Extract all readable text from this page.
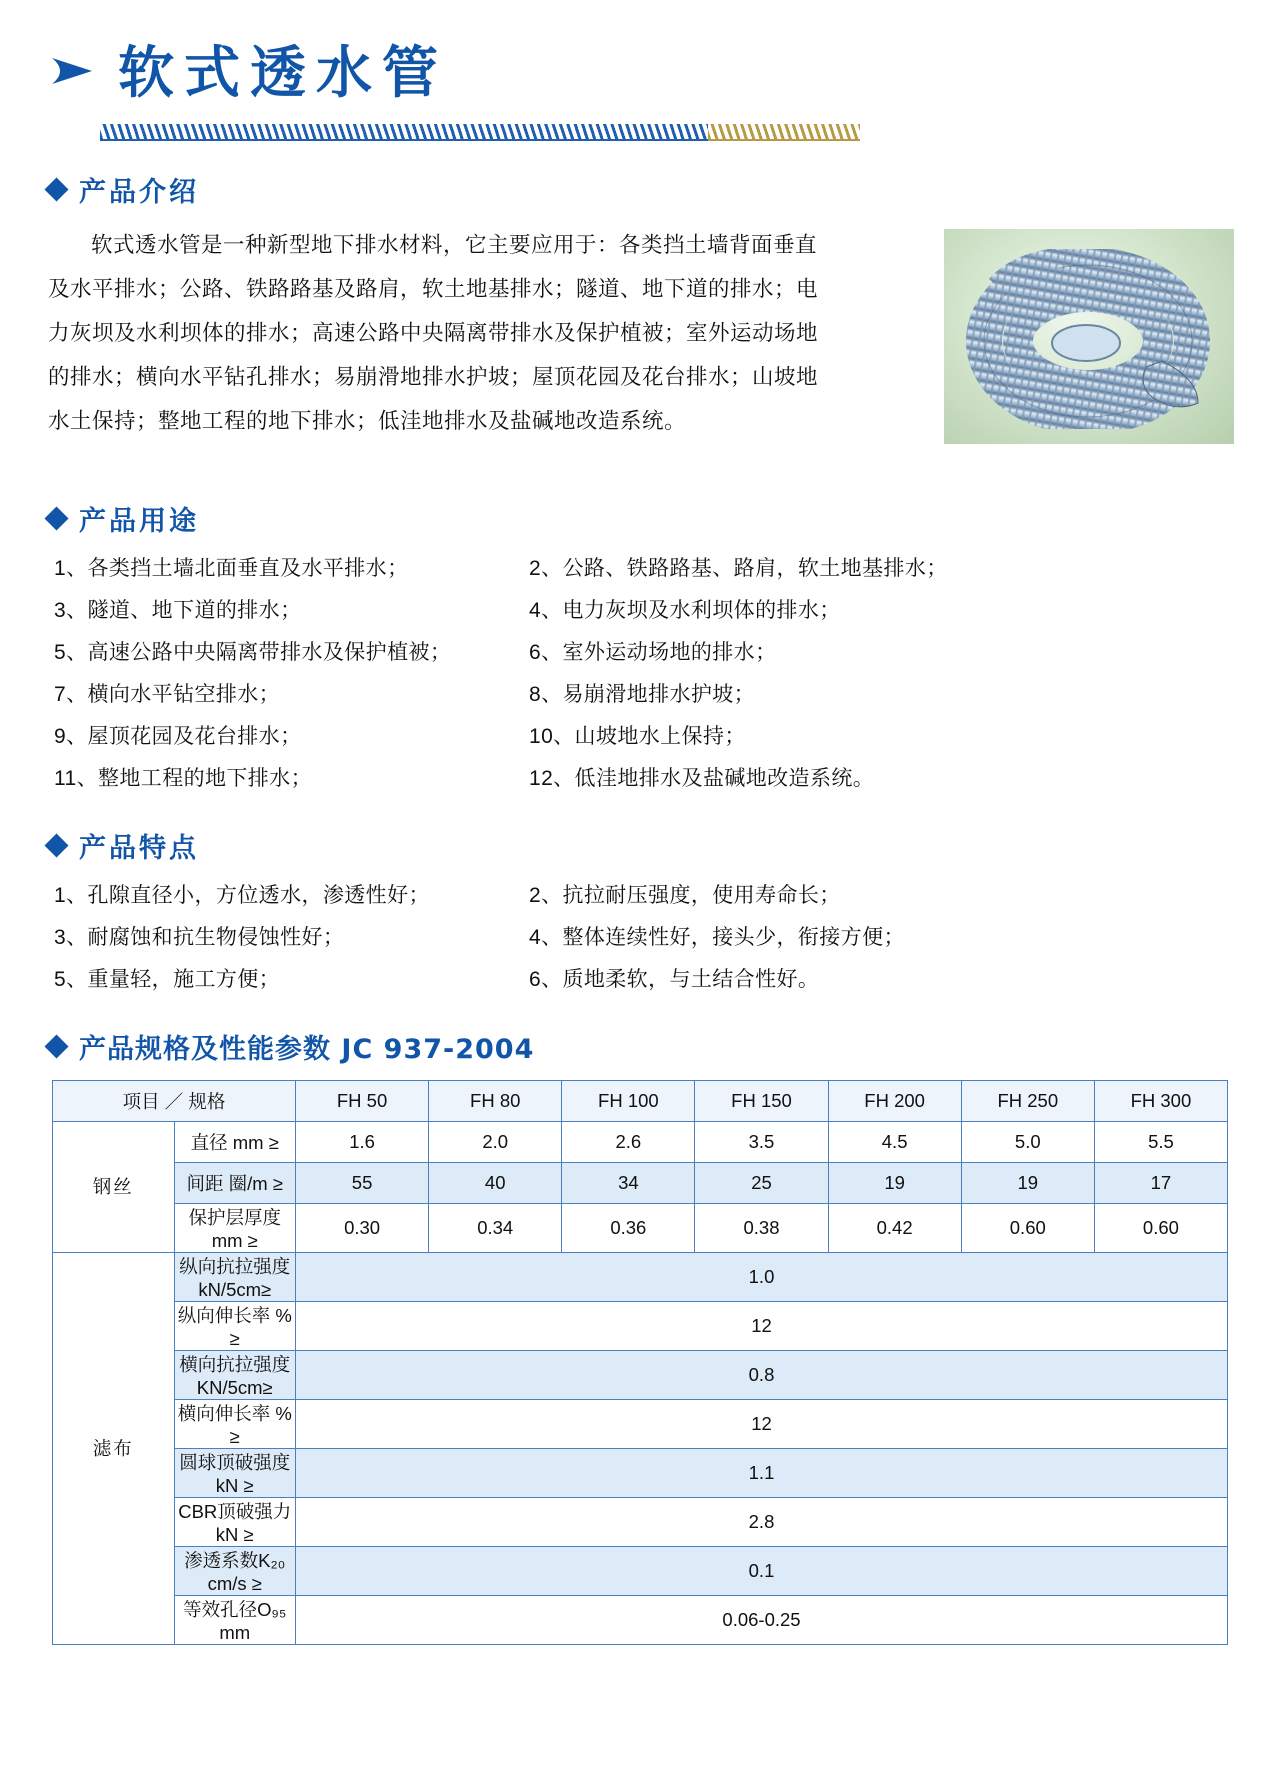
软式透水管
产品介绍
软式透水管是一种新型地下排水材料，它主要应用于：各类挡土墙背面垂直及水平排水；公路、铁路路基及路肩，软土地基排水；隧道、地下道的排水；电力灰坝及水利坝体的排水；高速公路中央隔离带排水及保护植被；室外运动场地的排水；横向水平钻孔排水；易崩滑地排水护坡；屋顶花园及花台排水；山坡地水土保持；整地工程的地下排水；低洼地排水及盐碱地改造系统。
产品用途
1、各类挡土墙北面垂直及水平排水；	2、公路、铁路路基、路肩，软土地基排水；
3、隧道、地下道的排水；	4、电力灰坝及水利坝体的排水；
5、高速公路中央隔离带排水及保护植被；	6、室外运动场地的排水；
7、横向水平钻空排水；	8、易崩滑地排水护坡；
9、屋顶花园及花台排水；	10、山坡地水上保持；
11、整地工程的地下排水；	12、低洼地排水及盐碱地改造系统。
产品特点
1、孔隙直径小，方位透水，渗透性好；	2、抗拉耐压强度，使用寿命长；
3、耐腐蚀和抗生物侵蚀性好；	4、整体连续性好，接头少，衔接方便；
5、重量轻，施工方便；	6、质地柔软，与土结合性好。
产品规格及性能参数 JC 937-2004
项目 ／ 规格		FH 50	FH 80	FH 100	FH 150	FH 200	FH 250	FH 300
钢丝	直径 mm ≥	1.6	2.0	2.6	3.5	4.5	5.0	5.5
	间距 圈/m ≥	55	40	34	25	19	19	17
	保护层厚度 mm ≥	0.30	0.34	0.36	0.38	0.42	0.60	0.60
滤布	纵向抗拉强度 kN/5cm≥	1.0						
	纵向伸长率 % ≥	12						
	横向抗拉强度 KN/5cm≥	0.8						
	横向伸长率 % ≥	12						
	圆球顶破强度 kN ≥	1.1						
	CBR顶破强力 kN ≥	2.8						
	渗透系数K₂₀ cm/s ≥	0.1						
	等效孔径O₉₅ mm	0.06-0.25						
